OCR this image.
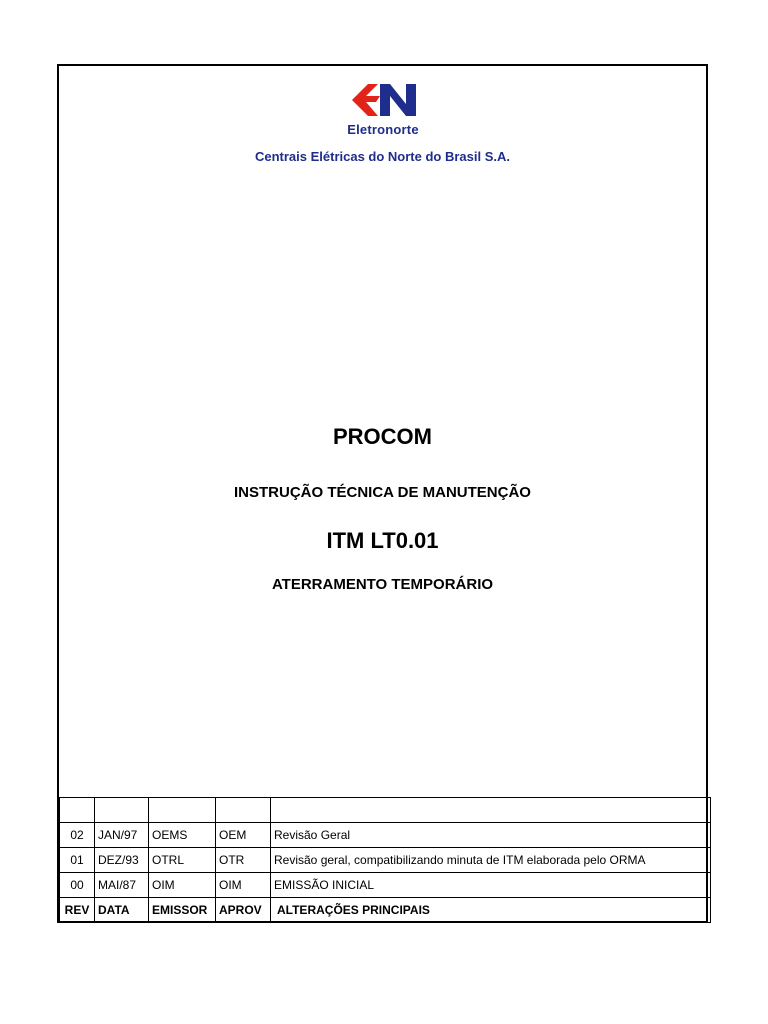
Eletronorte
Centrais Elétricas do Norte do Brasil S.A.
PROCOM
INSTRUÇÃO TÉCNICA DE MANUTENÇÃO
ITM LT0.01
ATERRAMENTO TEMPORÁRIO

02	JAN/97	OEMS	OEM	Revisão Geral
01	DEZ/93	OTRL	OTR	Revisão geral, compatibilizando minuta de ITM elaborada pelo ORMA
00	MAI/87	OIM	OIM	EMISSÃO INICIAL
REV	DATA	EMISSOR	APROV	ALTERAÇÕES PRINCIPAIS
